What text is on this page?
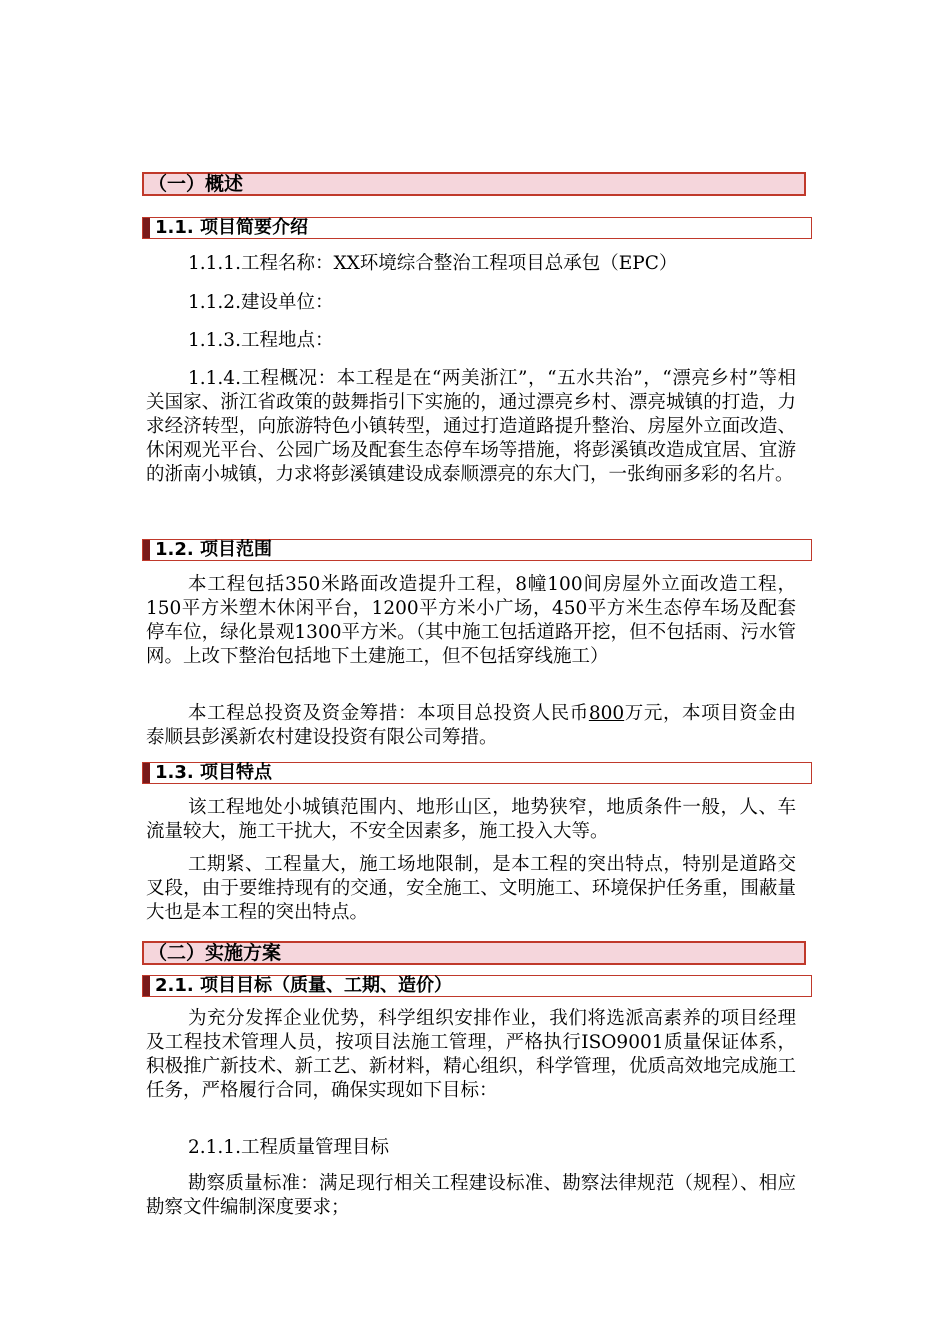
（一）概述
1.1. 项目简要介绍
1.1.1.工程名称：XX环境综合整治工程项目总承包（EPC）
1.1.2.建设单位：
1.1.3.工程地点：
1.1.4.工程概况：本工程是在“两美浙江”，“五水共治”，“漂亮乡村”等相关国家、浙江省政策的鼓舞指引下实施的，通过漂亮乡村、漂亮城镇的打造，力求经济转型，向旅游特色小镇转型，通过打造道路提升整治、房屋外立面改造、休闲观光平台、公园广场及配套生态停车场等措施，将彭溪镇改造成宜居、宜游的浙南小城镇，力求将彭溪镇建设成泰顺漂亮的东大门，一张绚丽多彩的名片。
1.2. 项目范围
本工程包括350米路面改造提升工程，8幢100间房屋外立面改造工程，150平方米塑木休闲平台，1200平方米小广场，450平方米生态停车场及配套停车位，绿化景观1300平方米。（其中施工包括道路开挖，但不包括雨、污水管网。上改下整治包括地下土建施工，但不包括穿线施工）
本工程总投资及资金筹措：本项目总投资人民币800万元，本项目资金由泰顺县彭溪新农村建设投资有限公司筹措。
1.3. 项目特点
该工程地处小城镇范围内、地形山区，地势狭窄，地质条件一般，人、车流量较大，施工干扰大，不安全因素多，施工投入大等。
工期紧、工程量大，施工场地限制，是本工程的突出特点，特别是道路交叉段，由于要维持现有的交通，安全施工、文明施工、环境保护任务重，围蔽量大也是本工程的突出特点。
（二）实施方案
2.1. 项目目标（质量、工期、造价）
为充分发挥企业优势，科学组织安排作业，我们将选派高素养的项目经理及工程技术管理人员，按项目法施工管理，严格执行ISO9001质量保证体系，积极推广新技术、新工艺、新材料，精心组织，科学管理，优质高效地完成施工任务，严格履行合同，确保实现如下目标：
2.1.1.工程质量管理目标
勘察质量标准：满足现行相关工程建设标准、勘察法律规范（规程）、相应勘察文件编制深度要求；
